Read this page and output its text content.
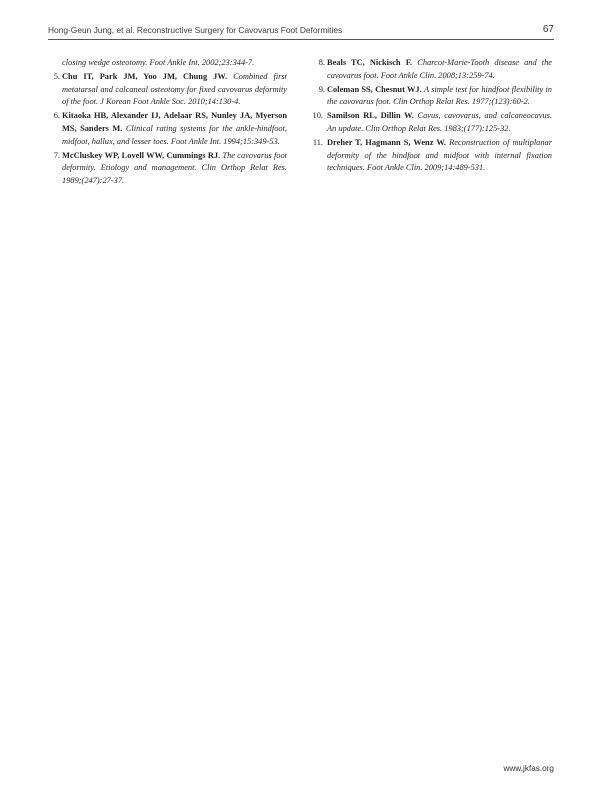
Hong-Geun Jung, et al. Reconstructive Surgery for Cavovarus Foot Deformities	67

closing wedge osteotomy. Foot Ankle Int. 2002;23:344-7.

5. Chu IT, Park JM, Yoo JM, Chung JW. Combined first metatarsal and calcaneal osteotomy for fixed cavovarus deformity of the foot. J Korean Foot Ankle Soc. 2010;14:130-4.

6. Kitaoka HB, Alexander IJ, Adelaar RS, Nunley JA, Myerson MS, Sanders M. Clinical rating systems for the ankle-hindfoot, midfoot, hallux, and lesser toes. Foot Ankle Int. 1994;15:349-53.

7. McCluskey WP, Lovell WW, Cummings RJ. The cavovarus foot deformity. Etiology and management. Clin Orthop Relat Res. 1989;(247):27-37.

8. Beals TC, Nickisch F. Charcot-Marie-Tooth disease and the cavovarus foot. Foot Ankle Clin. 2008;13:259-74.

9. Coleman SS, Chesnut WJ. A simple test for hindfoot flexibility in the cavovarus foot. Clin Orthop Relat Res. 1977;(123):60-2.

10. Samilson RL, Dillin W. Cavus, cavovarus, and calcaneocavus. An update. Clin Orthop Relat Res. 1983;(177):125-32.

11. Dreher T, Hagmann S, Wenz W. Reconstruction of multiplanar deformity of the hindfoot and midfoot with internal fixation techniques. Foot Ankle Clin. 2009;14:489-531.

www.jkfas.org
